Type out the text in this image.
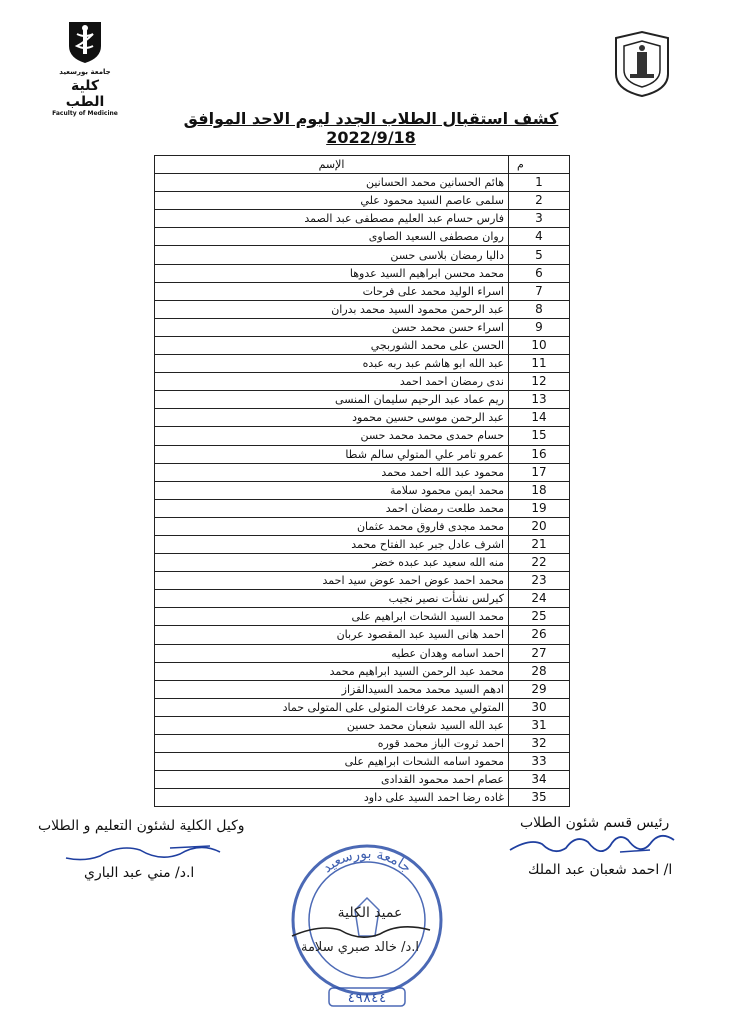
جامعة بورسعيد
كلية الطب
Faculty of Medicine	كشف استقبال الطلاب الجدد ليوم الاحد الموافق 2022/9/18
م	الإسم
1	هائم الحسانين محمد الحسانين
2	سلمى عاصم السيد محمود علي
3	فارس حسام عبد العليم مصطفى عبد الصمد
4	روان مصطفى السعيد الصاوى
5	داليا رمضان بلاسى حسن
6	محمد محسن ابراهيم السيد عدوها
7	اسراء الوليد محمد على فرحات
8	عبد الرحمن محمود السيد محمد بدران
9	اسراء حسن محمد حسن
10	الحسن على محمد الشوربجي
11	عبد الله ابو هاشم عبد ربه عبده
12	ندى رمضان احمد احمد
13	ريم عماد عبد الرحيم سليمان المنسى
14	عبد الرحمن موسى حسين محمود
15	حسام حمدى محمد محمد حسن
16	عمرو تامر علي المتولي سالم شطا
17	محمود عبد الله احمد محمد
18	محمد ايمن محمود سلامة
19	محمد طلعت رمضان احمد
20	محمد مجدى فاروق محمد عثمان
21	اشرف عادل جبر عبد الفتاح محمد
22	منه الله سعيد عبد عبده خضر
23	محمد احمد عوض احمد عوض سيد احمد
24	كيرلس نشأت نصير نجيب
25	محمد السيد الشحات ابراهيم على
26	احمد هانى السيد عبد المقصود عربان
27	احمد اسامه وهدان عطيه
28	محمد عبد الرحمن السيد ابراهيم محمد
29	ادهم السيد محمد محمد السيدالقزاز
30	المتولي محمد عرفات المتولى على المتولى حماد
31	عبد الله السيد شعبان محمد حسين
32	احمد ثروت الباز محمد قوره
33	محمود اسامه الشحات ابراهيم على
34	عصام احمد محمود القدادى
35	غاده رضا احمد السيد على داود
رئيس قسم شئون الطلاب
ا/ احمد شعبان عبد الملك
وكيل الكلية لشئون التعليم و الطلاب
ا.د/ مني عبد الباري	جامعة بورسعيد
٤٩٨٤٤
عميد الكلية
ا.د/ خالد صبري سلامة
